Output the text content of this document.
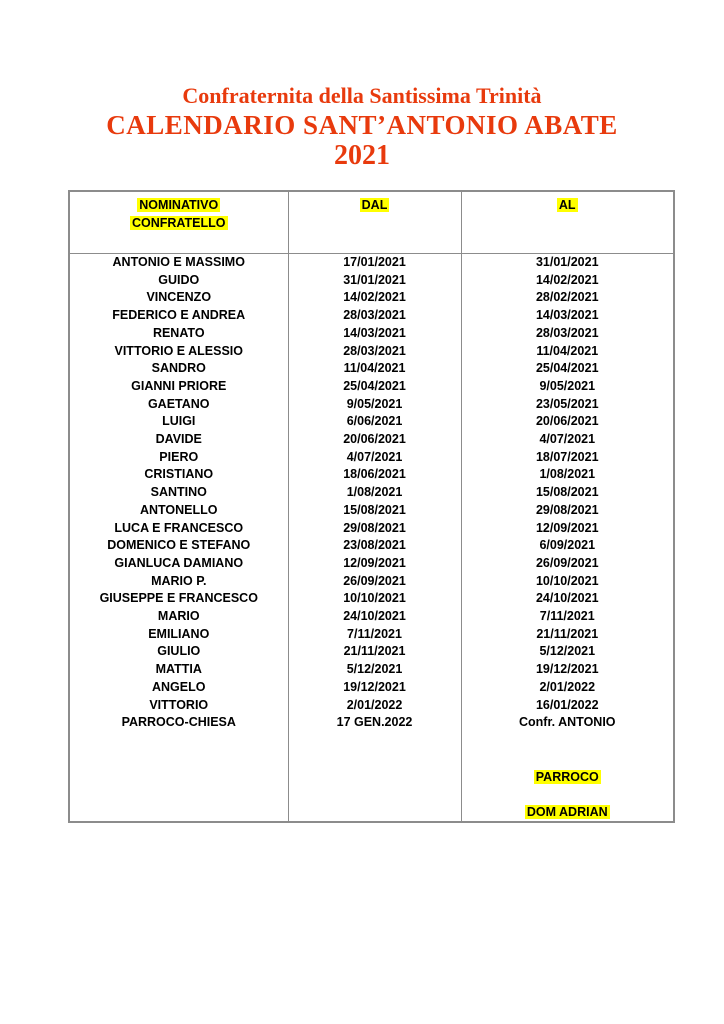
Confraternita della Santissima Trinità
CALENDARIO SANT’ANTONIO ABATE
2021
NOMINATIVO
CONFRATELLO	DAL	AL
ANTONIO E MASSIMO	17/01/2021	31/01/2021
GUIDO	31/01/2021	14/02/2021
VINCENZO	14/02/2021	28/02/2021
FEDERICO E ANDREA	28/03/2021	14/03/2021
RENATO	14/03/2021	28/03/2021
VITTORIO E ALESSIO	28/03/2021	11/04/2021
SANDRO	11/04/2021	25/04/2021
GIANNI PRIORE	25/04/2021	9/05/2021
GAETANO	9/05/2021	23/05/2021
LUIGI	6/06/2021	20/06/2021
DAVIDE	20/06/2021	4/07/2021
PIERO	4/07/2021	18/07/2021
CRISTIANO	18/06/2021	1/08/2021
SANTINO	1/08/2021	15/08/2021
ANTONELLO	15/08/2021	29/08/2021
LUCA E FRANCESCO	29/08/2021	12/09/2021
DOMENICO E STEFANO	23/08/2021	6/09/2021
GIANLUCA DAMIANO	12/09/2021	26/09/2021
MARIO P.	26/09/2021	10/10/2021
GIUSEPPE E FRANCESCO	10/10/2021	24/10/2021
MARIO	24/10/2021	7/11/2021
EMILIANO	7/11/2021	21/11/2021
GIULIO	21/11/2021	5/12/2021
MATTIA	5/12/2021	19/12/2021
ANGELO	19/12/2021	2/01/2022
VITTORIO	2/01/2022	16/01/2022
PARROCO-CHIESA	17 GEN.2022	Confr. ANTONIO

		PARROCO
DOM ADRIAN
